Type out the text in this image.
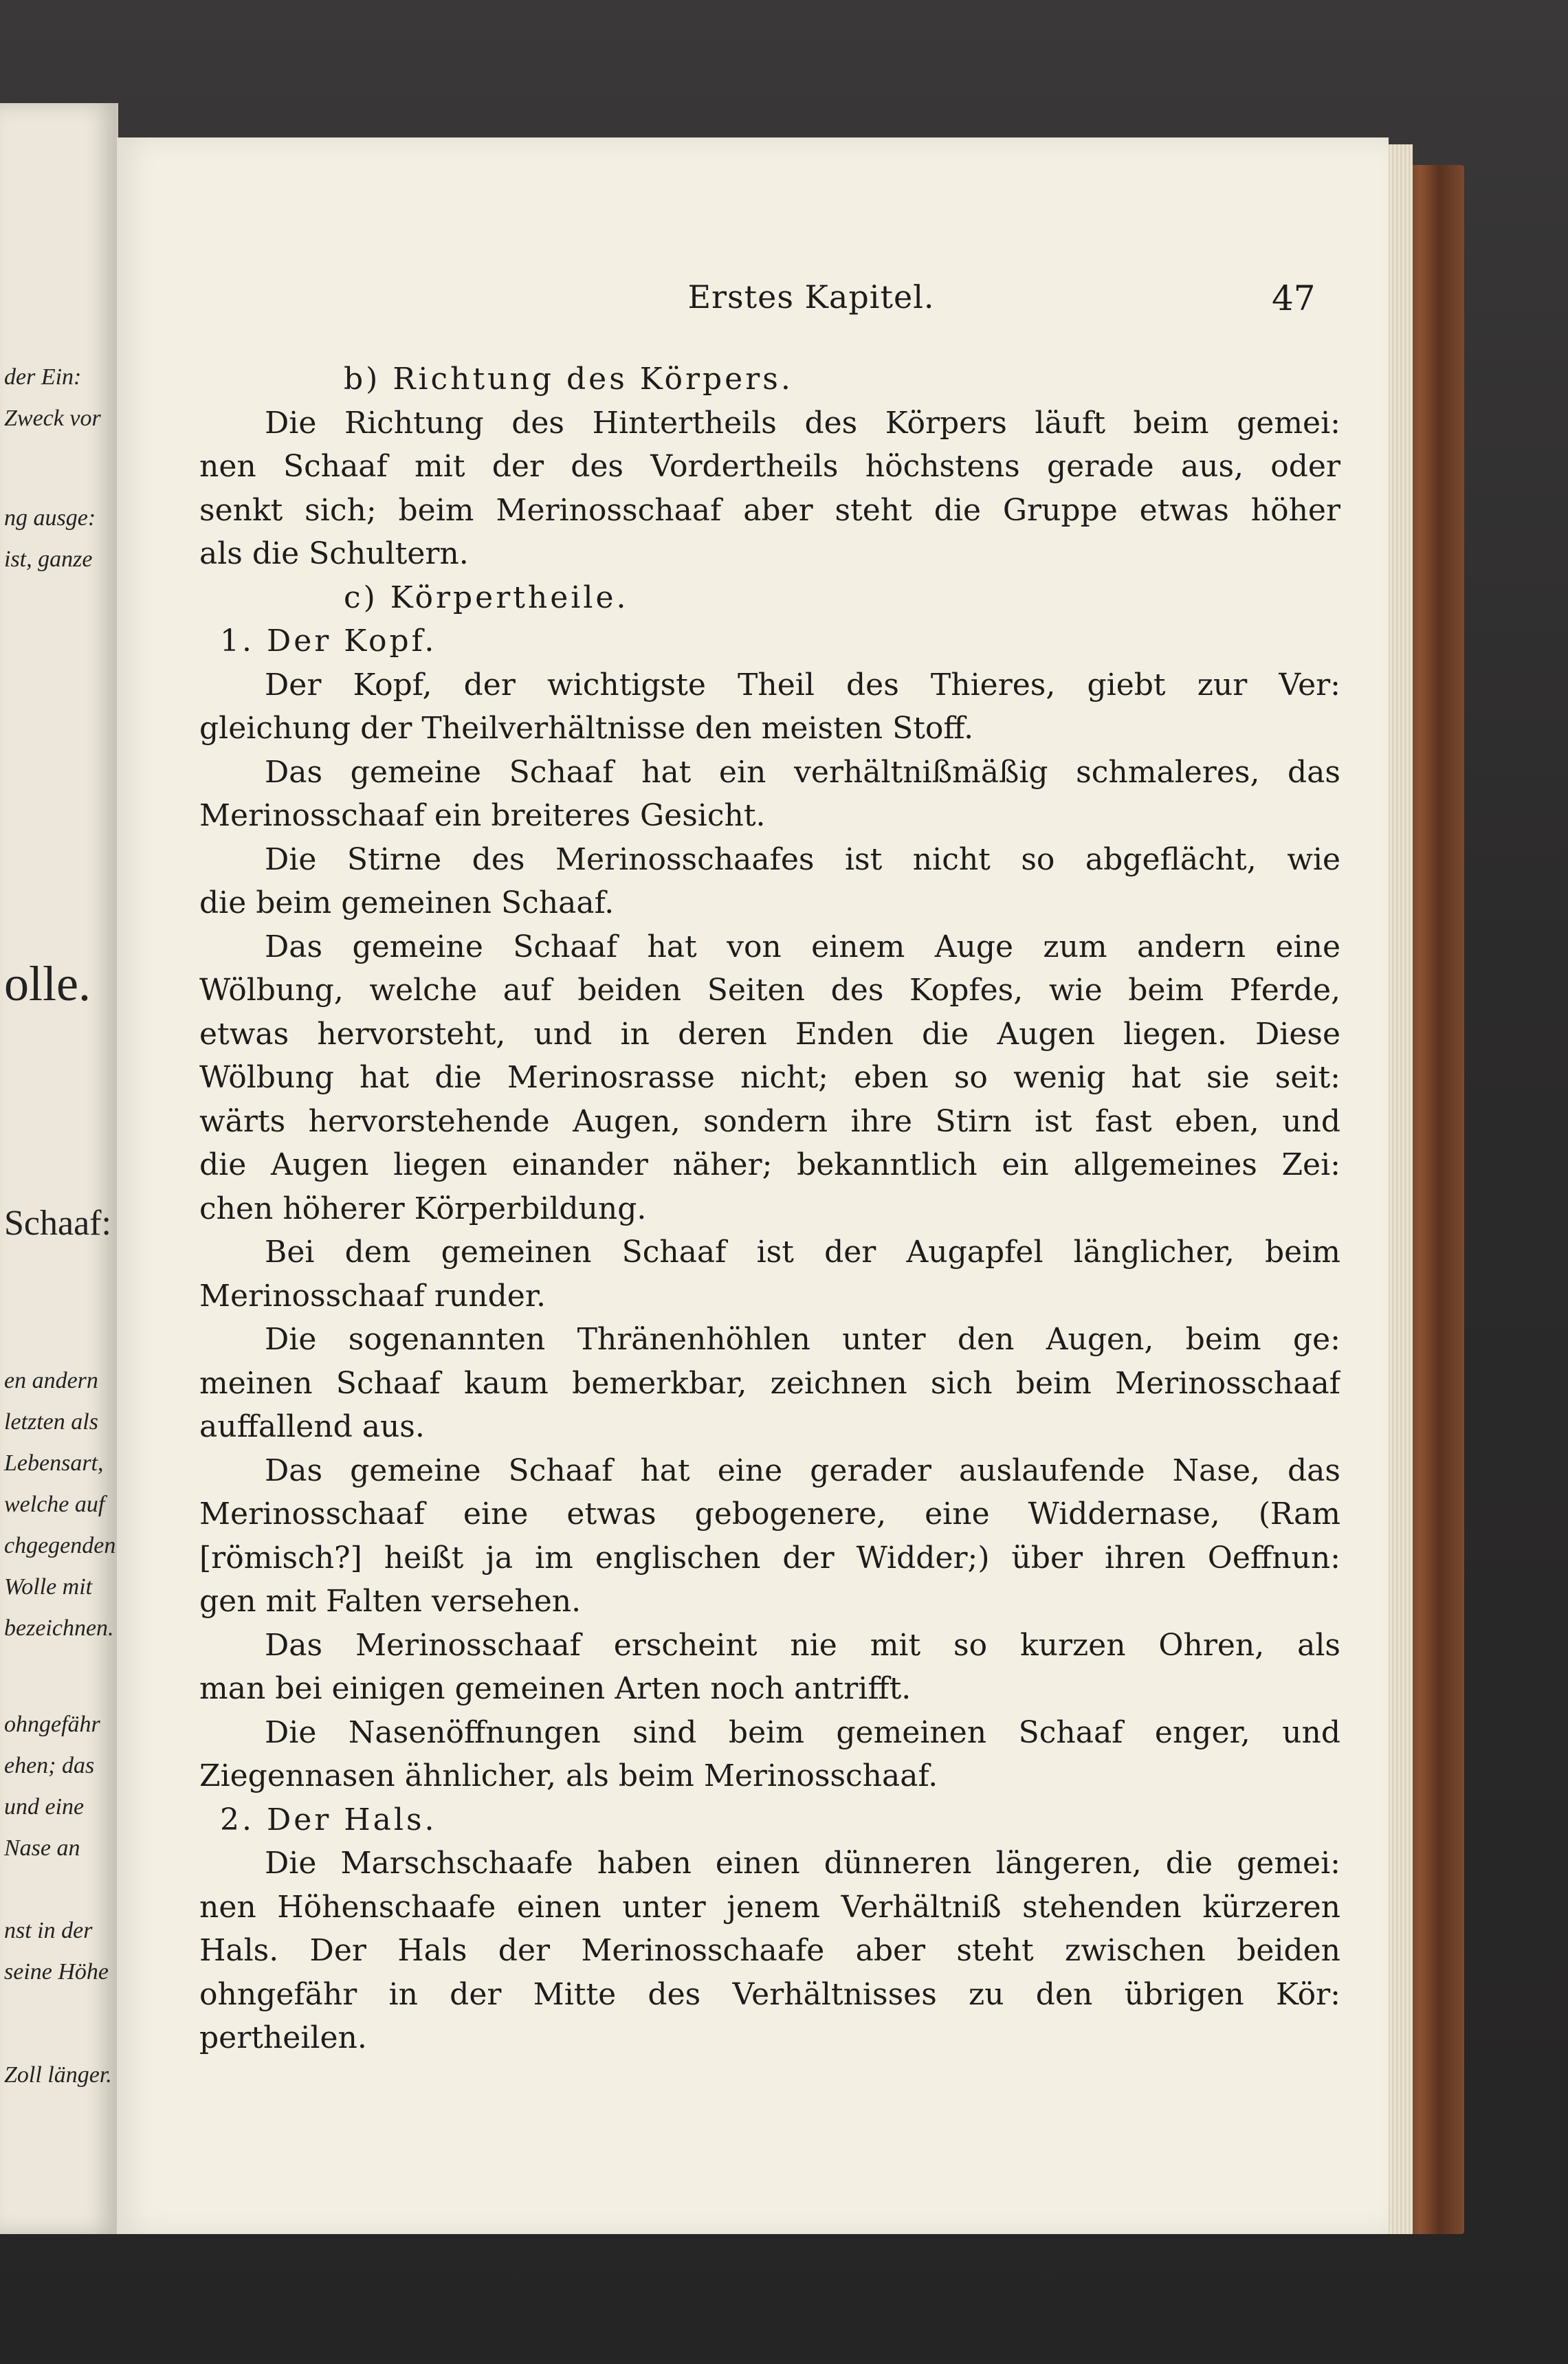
der Ein:
Zweck vor
ng ausge:
ist, ganze
olle.
Schaaf:
en andern
letzten als
Lebensart,
welche auf
chgegenden
Wolle mit
bezeichnen.
ohngefähr
ehen; das
und eine
Nase an
nst in der
seine Höhe
Zoll länger.
Erstes Kapitel.	47
b) Richtung des Körpers.
Die Richtung des Hintertheils des Körpers läuft beim gemei:
nen Schaaf mit der des Vordertheils höchstens gerade aus, oder
senkt sich; beim Merinosschaaf aber steht die Gruppe etwas höher
als die Schultern.
c) Körpertheile.
1. Der Kopf.
Der Kopf, der wichtigste Theil des Thieres, giebt zur Ver:
gleichung der Theilverhältnisse den meisten Stoff.
Das gemeine Schaaf hat ein verhältnißmäßig schmaleres, das
Merinosschaaf ein breiteres Gesicht.
Die Stirne des Merinosschaafes ist nicht so abgeflächt, wie
die beim gemeinen Schaaf.
Das gemeine Schaaf hat von einem Auge zum andern eine
Wölbung, welche auf beiden Seiten des Kopfes, wie beim Pferde,
etwas hervorsteht, und in deren Enden die Augen liegen. Diese
Wölbung hat die Merinosrasse nicht; eben so wenig hat sie seit:
wärts hervorstehende Augen, sondern ihre Stirn ist fast eben, und
die Augen liegen einander näher; bekanntlich ein allgemeines Zei:
chen höherer Körperbildung.
Bei dem gemeinen Schaaf ist der Augapfel länglicher, beim
Merinosschaaf runder.
Die sogenannten Thränenhöhlen unter den Augen, beim ge:
meinen Schaaf kaum bemerkbar, zeichnen sich beim Merinosschaaf
auffallend aus.
Das gemeine Schaaf hat eine gerader auslaufende Nase, das
Merinosschaaf eine etwas gebogenere, eine Widdernase, (Ram
[römisch?] heißt ja im englischen der Widder;) über ihren Oeffnun:
gen mit Falten versehen.
Das Merinosschaaf erscheint nie mit so kurzen Ohren, als
man bei einigen gemeinen Arten noch antrifft.
Die Nasenöffnungen sind beim gemeinen Schaaf enger, und
Ziegennasen ähnlicher, als beim Merinosschaaf.
2. Der Hals.
Die Marschschaafe haben einen dünneren längeren, die gemei:
nen Höhenschaafe einen unter jenem Verhältniß stehenden kürzeren
Hals. Der Hals der Merinosschaafe aber steht zwischen beiden
ohngefähr in der Mitte des Verhältnisses zu den übrigen Kör:
pertheilen.
